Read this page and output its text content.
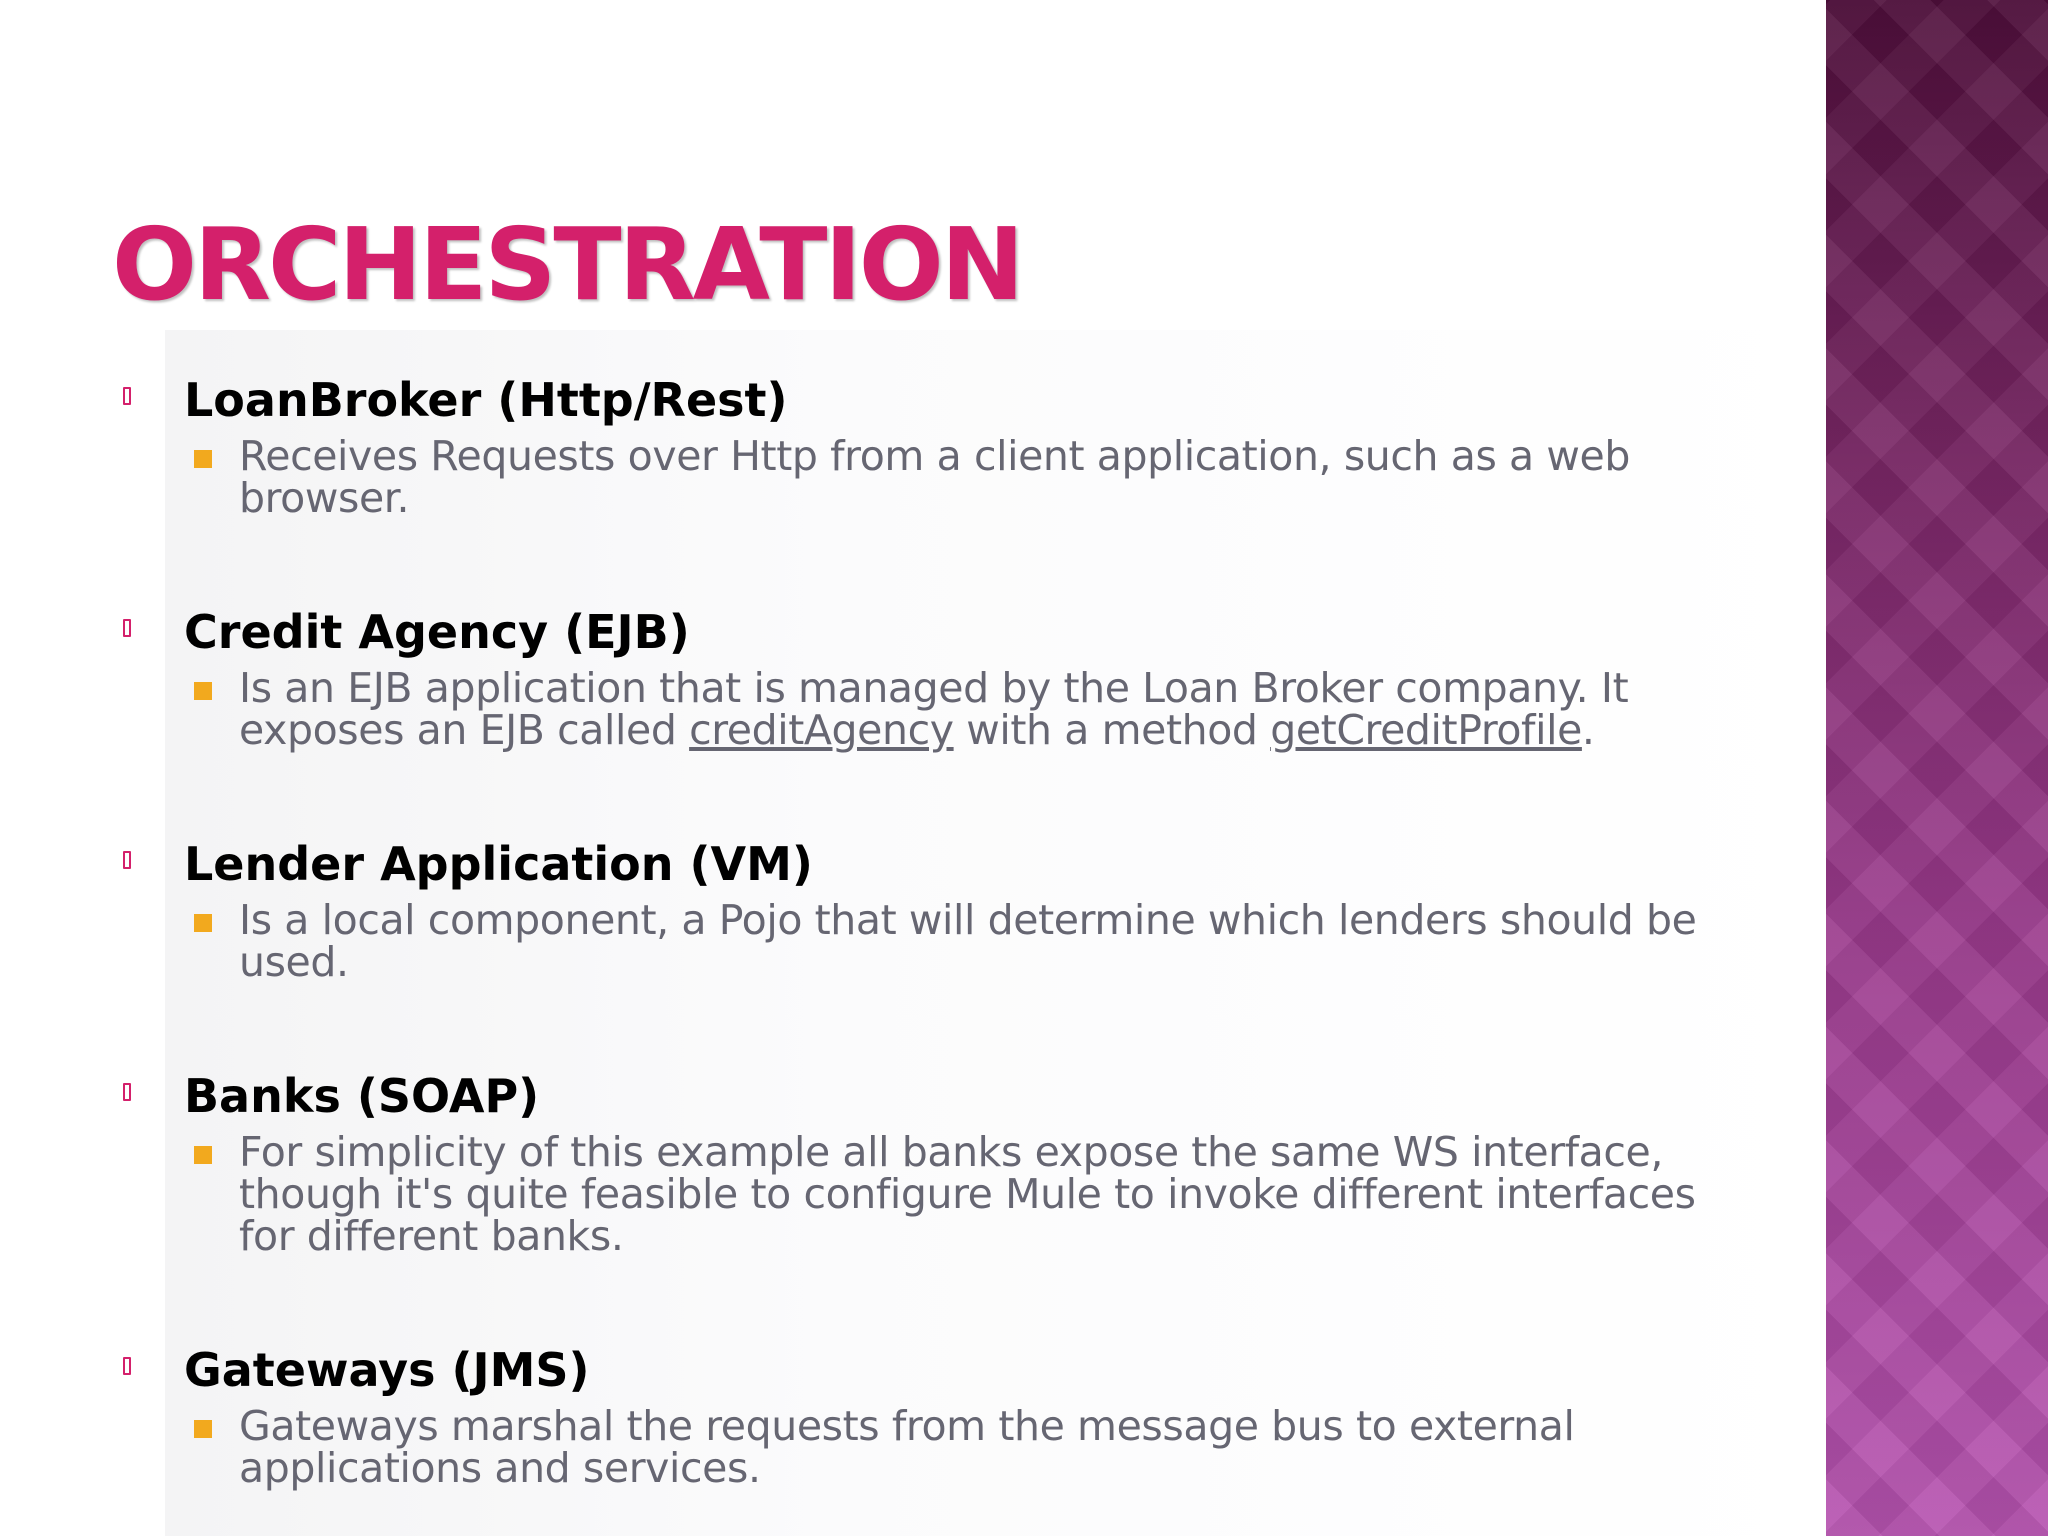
ORCHESTRATION
LoanBroker (Http/Rest)
Receives Requests over Http from a client application, such as a web browser.
Credit Agency (EJB)
Is an EJB application that is managed by the Loan Broker company. It exposes an EJB called creditAgency with a method getCreditProfile.
Lender Application (VM)
Is a local component, a Pojo that will determine which lenders should be used.
Banks (SOAP)
For simplicity of this example all banks expose the same WS interface, though it's quite feasible to configure Mule to invoke different interfaces for different banks.
Gateways (JMS)
Gateways marshal the requests from the message bus to external applications and services.
